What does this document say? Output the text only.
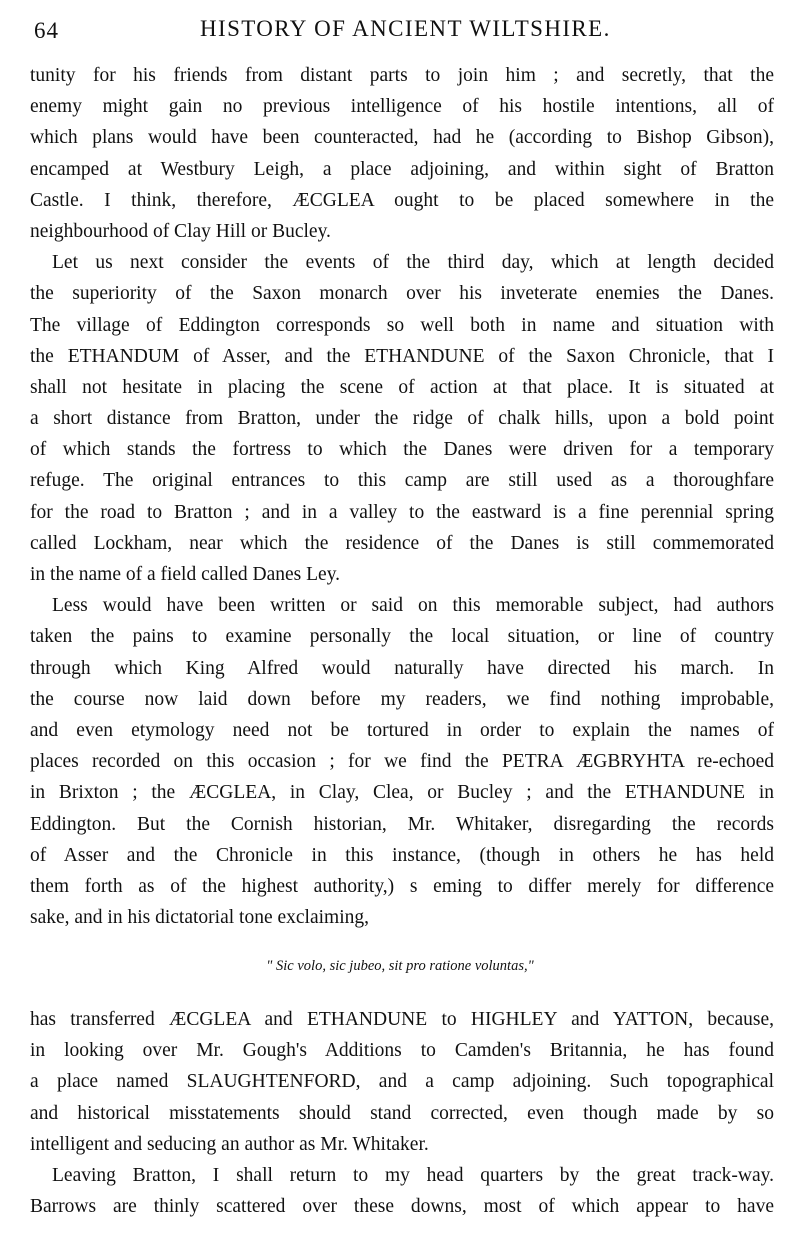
64	HISTORY OF ANCIENT WILTSHIRE.
tunity for his friends from distant parts to join him ; and secretly, that the
enemy might gain no previous intelligence of his hostile intentions, all of
which plans would have been counteracted, had he (according to Bishop Gibson),
encamped at Westbury Leigh, a place adjoining, and within sight of Bratton
Castle. I think, therefore, ÆCGLEA ought to be placed somewhere in the
neighbourhood of Clay Hill or Bucley.
Let us next consider the events of the third day, which at length decided
the superiority of the Saxon monarch over his inveterate enemies the Danes.
The village of Eddington corresponds so well both in name and situation with
the ETHANDUM of Asser, and the ETHANDUNE of the Saxon Chronicle, that I
shall not hesitate in placing the scene of action at that place. It is situated at
a short distance from Bratton, under the ridge of chalk hills, upon a bold point
of which stands the fortress to which the Danes were driven for a temporary
refuge. The original entrances to this camp are still used as a thoroughfare
for the road to Bratton ; and in a valley to the eastward is a fine perennial spring
called Lockham, near which the residence of the Danes is still commemorated
in the name of a field called Danes Ley.
Less would have been written or said on this memorable subject, had authors
taken the pains to examine personally the local situation, or line of country
through which King Alfred would naturally have directed his march. In
the course now laid down before my readers, we find nothing improbable,
and even etymology need not be tortured in order to explain the names of
places recorded on this occasion ; for we find the PETRA ÆGBRYHTA re-echoed
in Brixton ; the ÆCGLEA, in Clay, Clea, or Bucley ; and the ETHANDUNE in
Eddington. But the Cornish historian, Mr. Whitaker, disregarding the records
of Asser and the Chronicle in this instance, (though in others he has held
them forth as of the highest authority,) s eming to differ merely for difference
sake, and in his dictatorial tone exclaiming,
" Sic volo, sic jubeo, sit pro ratione voluntas,"
has transferred ÆCGLEA and ETHANDUNE to HIGHLEY and YATTON, because,
in looking over Mr. Gough's Additions to Camden's Britannia, he has found
a place named SLAUGHTENFORD, and a camp adjoining. Such topographical
and historical misstatements should stand corrected, even though made by so
intelligent and seducing an author as Mr. Whitaker.
Leaving Bratton, I shall return to my head quarters by the great track-way.
Barrows are thinly scattered over these downs, most of which appear to have
